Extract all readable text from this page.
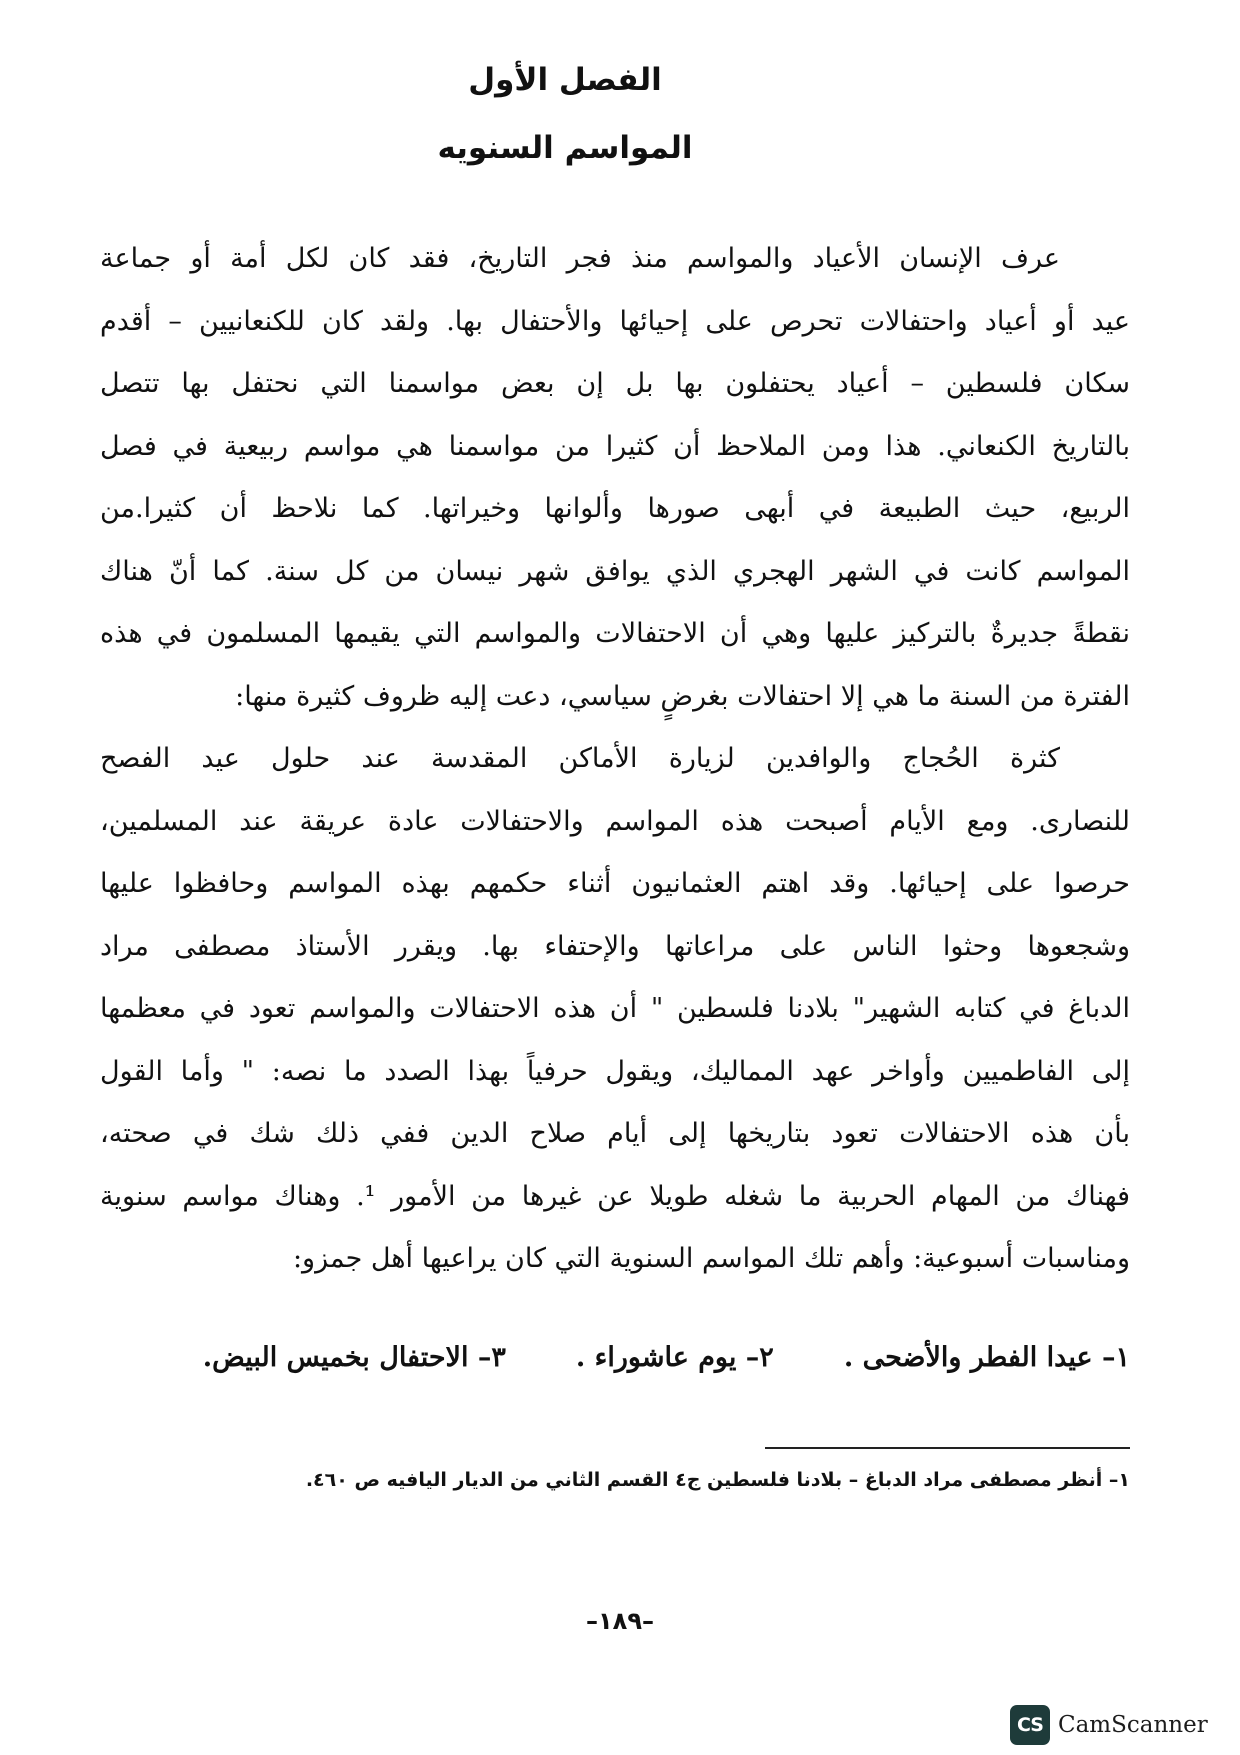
الفصل الأول
المواسم السنويه
عرف الإنسان الأعياد والمواسم منذ فجر التاريخ، فقد كان لكل أمة أو جماعة
عيد أو أعياد واحتفالات تحرص على إحيائها والأحتفال بها. ولقد كان للكنعانيين – أقدم
سكان فلسطين – أعياد يحتفلون بها بل إن بعض مواسمنا التي نحتفل بها تتصل
بالتاريخ الكنعاني. هذا ومن الملاحظ أن كثيرا من مواسمنا هي مواسم ربيعية في فصل
الربيع، حيث الطبيعة في أبهى صورها وألوانها وخيراتها. كما نلاحظ أن كثيرا.من
المواسم كانت في الشهر الهجري الذي يوافق شهر نيسان من كل سنة. كما أنّ هناك
نقطةً جديرةٌ بالتركيز عليها وهي أن الاحتفالات والمواسم التي يقيمها المسلمون في هذه
الفترة من السنة ما هي إلا احتفالات بغرضٍ سياسي، دعت إليه ظروف كثيرة منها:
كثرة الحُجاج والوافدين لزيارة الأماكن المقدسة عند حلول عيد الفصح
للنصارى. ومع الأيام أصبحت هذه المواسم والاحتفالات عادة عريقة عند المسلمين،
حرصوا على إحيائها. وقد اهتم العثمانيون أثناء حكمهم بهذه المواسم وحافظوا عليها
وشجعوها وحثوا الناس على مراعاتها والإحتفاء بها. ويقرر الأستاذ مصطفى مراد
الدباغ في كتابه الشهير" بلادنا فلسطين " أن هذه الاحتفالات والمواسم تعود في معظمها
إلى الفاطميين وأواخر عهد المماليك، ويقول حرفياً بهذا الصدد ما نصه: " وأما القول
بأن هذه الاحتفالات تعود بتاريخها إلى أيام صلاح الدين ففي ذلك شك في صحته،
فهناك من المهام الحربية ما شغله طويلا عن غيرها من الأمور ¹. وهناك مواسم سنوية
ومناسبات أسبوعية: وأهم تلك المواسم السنوية التي كان يراعيها أهل جمزو:
١– عيدا الفطر والأضحى .
٢– يوم عاشوراء .
٣– الاحتفال بخميس البيض.
١– أنظر مصطفى مراد الدباغ – بلادنا فلسطين ج٤ القسم الثاني من الديار اليافيه ص ٤٦٠.
–١٨٩–
CS CamScanner
